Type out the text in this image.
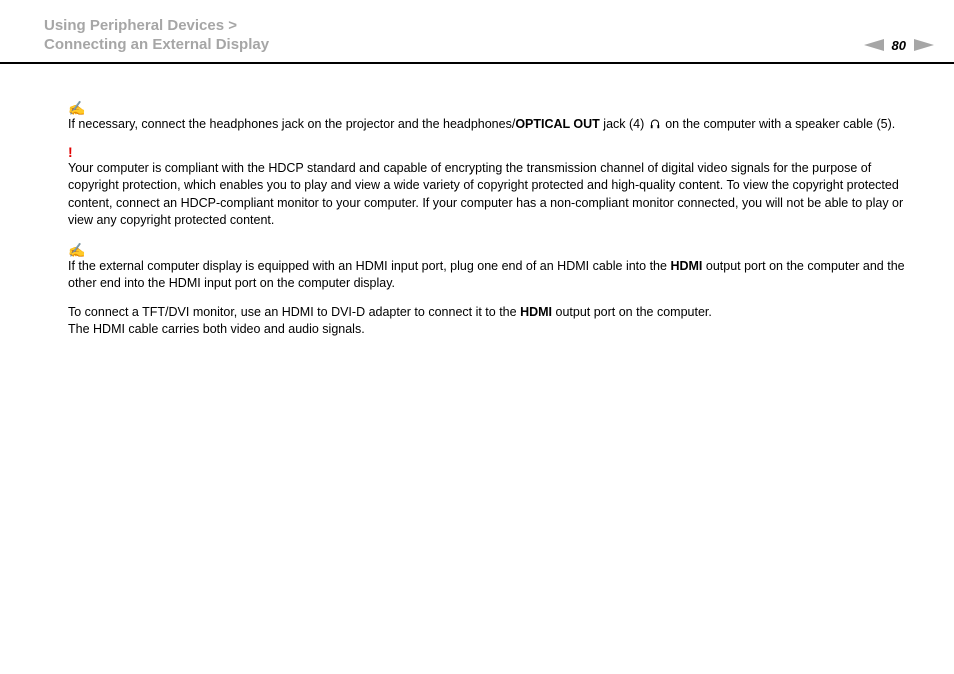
Using Peripheral Devices >
Connecting an External Display	80
✍

If necessary, connect the headphones jack on the projector and the headphones/OPTICAL OUT jack (4)  on the computer with a speaker cable (5).

!

Your computer is compliant with the HDCP standard and capable of encrypting the transmission channel of digital video signals for the purpose of copyright protection, which enables you to play and view a wide variety of copyright protected and high-quality content. To view the copyright protected content, connect an HDCP-compliant monitor to your computer. If your computer has a non-compliant monitor connected, you will not be able to play or view any copyright protected content.

✍

If the external computer display is equipped with an HDMI input port, plug one end of an HDMI cable into the HDMI output port on the computer and the other end into the HDMI input port on the computer display.

To connect a TFT/DVI monitor, use an HDMI to DVI-D adapter to connect it to the HDMI output port on the computer.

The HDMI cable carries both video and audio signals.
